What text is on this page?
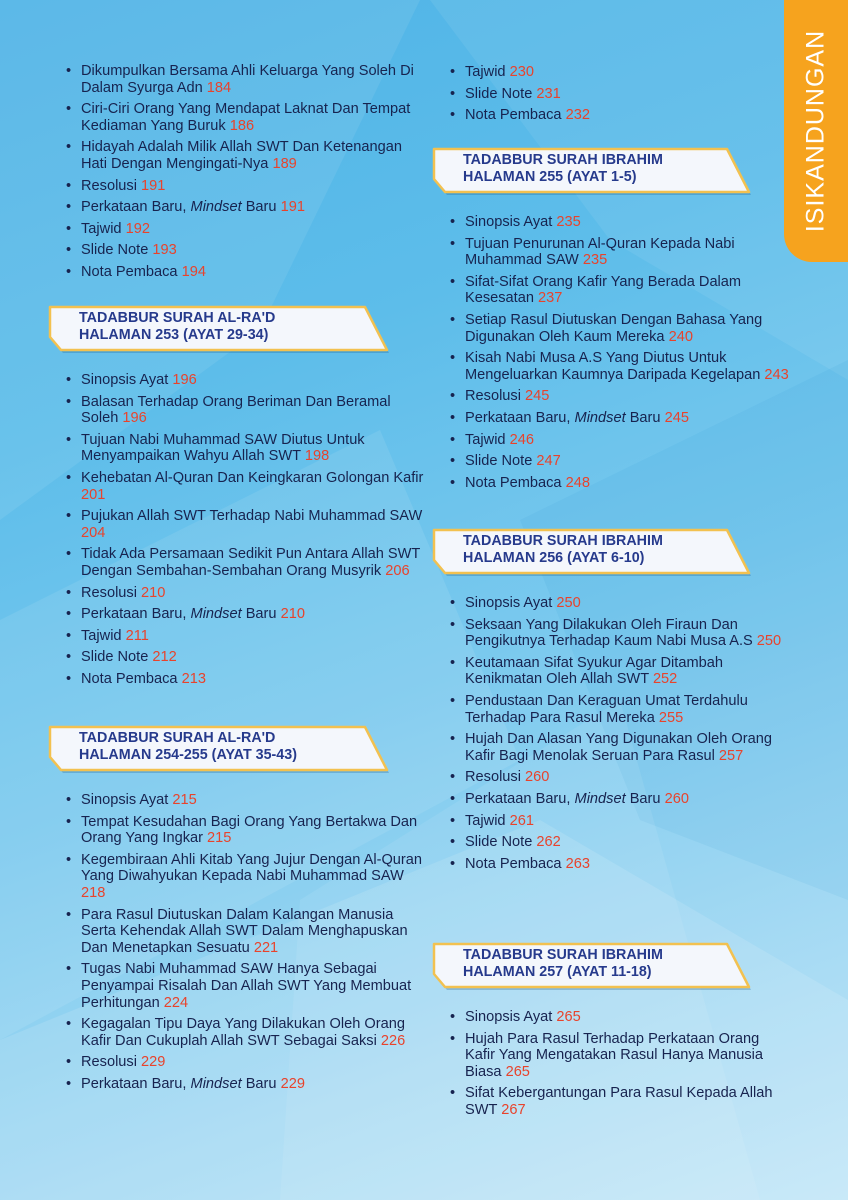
ISIKANDUNGAN
• Dikumpulkan Bersama Ahli Keluarga Yang Soleh Di Dalam Syurga Adn 184
• Ciri-Ciri Orang Yang Mendapat Laknat Dan Tempat Kediaman Yang Buruk 186
• Hidayah Adalah Milik Allah SWT Dan Ketenangan Hati Dengan Mengingati-Nya 189
• Resolusi 191
• Perkataan Baru, Mindset Baru 191
• Tajwid 192
• Slide Note 193
• Nota Pembaca 194
TADABBUR SURAH AL-RA'D
HALAMAN 253 (AYAT 29-34)
• Sinopsis Ayat 196
• Balasan Terhadap Orang Beriman Dan Beramal Soleh 196
• Tujuan Nabi Muhammad SAW Diutus Untuk Menyampaikan Wahyu Allah SWT 198
• Kehebatan Al-Quran Dan Keingkaran Golongan Kafir 201
• Pujukan Allah SWT Terhadap Nabi Muhammad SAW 204
• Tidak Ada Persamaan Sedikit Pun Antara Allah SWT Dengan Sembahan-Sembahan Orang Musyrik 206
• Resolusi 210
• Perkataan Baru, Mindset Baru 210
• Tajwid 211
• Slide Note 212
• Nota Pembaca 213
TADABBUR SURAH AL-RA'D
HALAMAN 254-255 (AYAT 35-43)
• Sinopsis Ayat 215
• Tempat Kesudahan Bagi Orang Yang Bertakwa Dan Orang Yang Ingkar 215
• Kegembiraan Ahli Kitab Yang Jujur Dengan Al-Quran Yang Diwahyukan Kepada Nabi Muhammad SAW 218
• Para Rasul Diutuskan Dalam Kalangan Manusia Serta Kehendak Allah SWT Dalam Menghapuskan Dan Menetapkan Sesuatu 221
• Tugas Nabi Muhammad SAW Hanya Sebagai Penyampai Risalah Dan Allah SWT Yang Membuat Perhitungan 224
• Kegagalan Tipu Daya Yang Dilakukan Oleh Orang Kafir Dan Cukuplah Allah SWT Sebagai Saksi 226
• Resolusi 229
• Perkataan Baru, Mindset Baru 229
• Tajwid 230
• Slide Note 231
• Nota Pembaca 232
TADABBUR SURAH IBRAHIM
HALAMAN 255 (AYAT 1-5)
• Sinopsis Ayat 235
• Tujuan Penurunan Al-Quran Kepada Nabi Muhammad SAW 235
• Sifat-Sifat Orang Kafir Yang Berada Dalam Kesesatan 237
• Setiap Rasul Diutuskan Dengan Bahasa Yang Digunakan Oleh Kaum Mereka 240
• Kisah Nabi Musa A.S Yang Diutus Untuk Mengeluarkan Kaumnya Daripada Kegelapan 243
• Resolusi 245
• Perkataan Baru, Mindset Baru 245
• Tajwid 246
• Slide Note 247
• Nota Pembaca 248
TADABBUR SURAH IBRAHIM
HALAMAN 256 (AYAT 6-10)
• Sinopsis Ayat 250
• Seksaan Yang Dilakukan Oleh Firaun Dan Pengikutnya Terhadap Kaum Nabi Musa A.S 250
• Keutamaan Sifat Syukur Agar Ditambah Kenikmatan Oleh Allah SWT 252
• Pendustaan Dan Keraguan Umat Terdahulu Terhadap Para Rasul Mereka 255
• Hujah Dan Alasan Yang Digunakan Oleh Orang Kafir Bagi Menolak Seruan Para Rasul 257
• Resolusi 260
• Perkataan Baru, Mindset Baru 260
• Tajwid 261
• Slide Note 262
• Nota Pembaca 263
TADABBUR SURAH IBRAHIM
HALAMAN 257 (AYAT 11-18)
• Sinopsis Ayat 265
• Hujah Para Rasul Terhadap Perkataan Orang Kafir Yang Mengatakan Rasul Hanya Manusia Biasa 265
• Sifat Kebergantungan Para Rasul Kepada Allah SWT 267
